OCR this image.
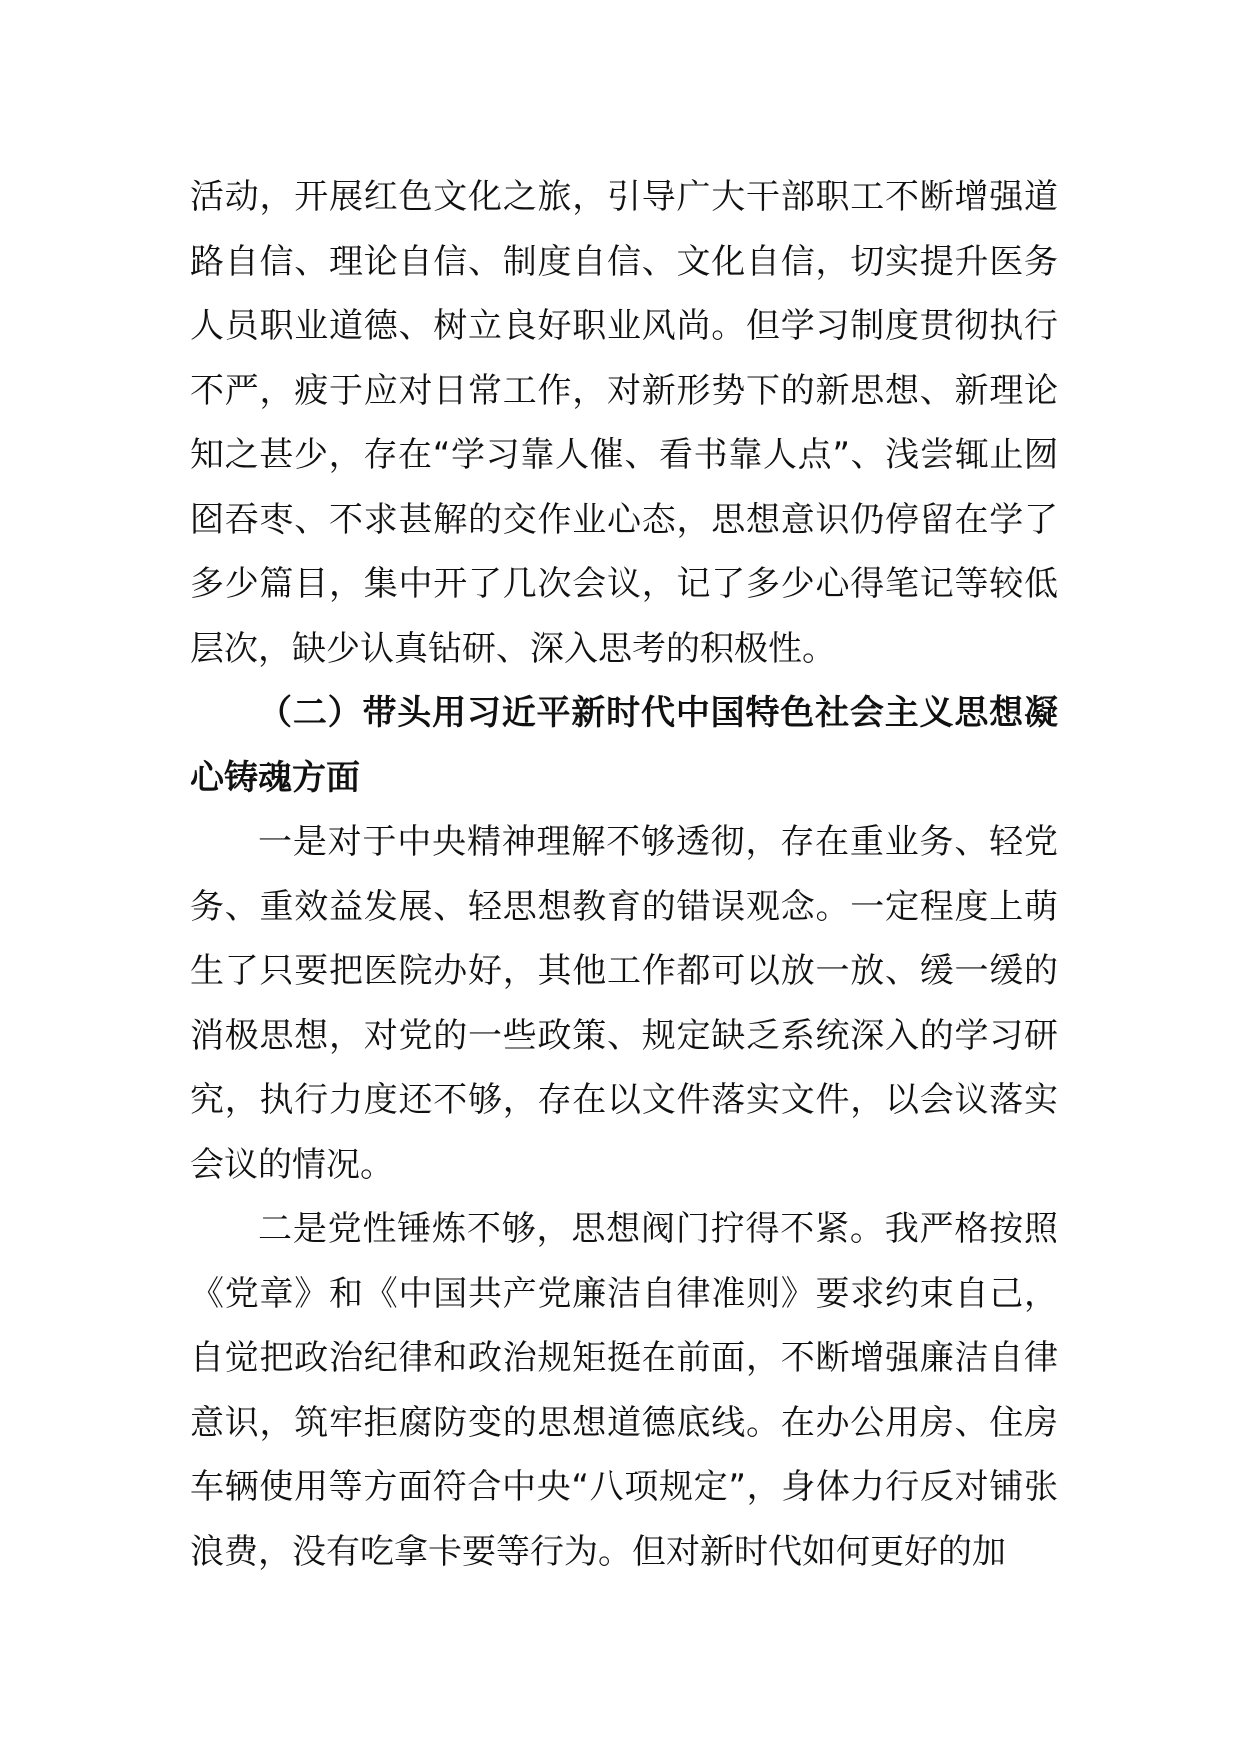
活动，开展红色文化之旅，引导广大干部职工不断增强道路自信、理论自信、制度自信、文化自信，切实提升医务人员职业道德、树立良好职业风尚。但学习制度贯彻执行不严，疲于应对日常工作，对新形势下的新思想、新理论知之甚少，存在“学习靠人催、看书靠人点”、浅尝辄止囫囵吞枣、不求甚解的交作业心态，思想意识仍停留在学了多少篇目，集中开了几次会议，记了多少心得笔记等较低层次，缺少认真钻研、深入思考的积极性。

（二）带头用习近平新时代中国特色社会主义思想凝心铸魂方面

一是对于中央精神理解不够透彻，存在重业务、轻党务、重效益发展、轻思想教育的错误观念。一定程度上萌生了只要把医院办好，其他工作都可以放一放、缓一缓的消极思想，对党的一些政策、规定缺乏系统深入的学习研究，执行力度还不够，存在以文件落实文件，以会议落实会议的情况。

二是党性锤炼不够，思想阀门拧得不紧。我严格按照《党章》和《中国共产党廉洁自律准则》要求约束自己，自觉把政治纪律和政治规矩挺在前面，不断增强廉洁自律意识，筑牢拒腐防变的思想道德底线。在办公用房、住房车辆使用等方面符合中央“八项规定”，身体力行反对铺张浪费，没有吃拿卡要等行为。但对新时代如何更好的加
